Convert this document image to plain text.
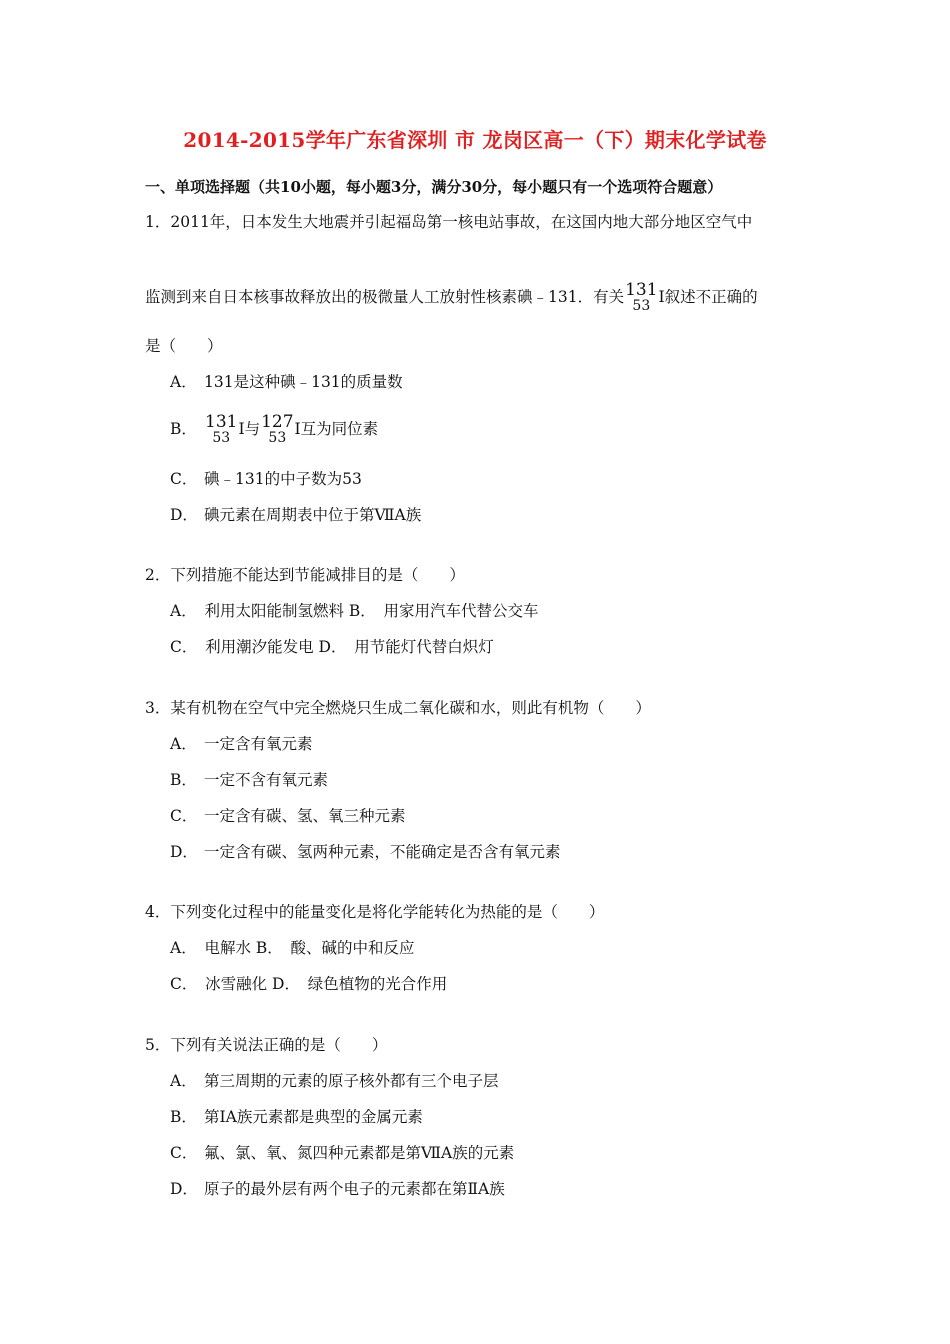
2014-2015学年广东省深圳 市 龙岗区高一（下）期末化学试卷
一、单项选择题（共10小题，每小题3分，满分30分，每小题只有一个选项符合题意）
1．2011年，日本发生大地震并引起福岛第一核电站事故，在这国内地大部分地区空气中
监测到来自日本核事故释放出的极微量人工放射性核素碘﹣131．有关 131
53 I叙述不正确的
是（　　）
A． 131是这种碘﹣131的质量数
B． 131
53 I与 127
53 I互为同位素
C． 碘﹣131的中子数为53
D． 碘元素在周期表中位于第ⅦA族
2．下列措施不能达到节能减排目的是（　　）
A．　利用太阳能制氢燃料 B．　用家用汽车代替公交车
C．　利用潮汐能发电 D．　用节能灯代替白炽灯
3．某有机物在空气中完全燃烧只生成二氧化碳和水，则此有机物（　　）
A． 一定含有氧元素
B． 一定不含有氧元素
C． 一定含有碳、氢、氧三种元素
D． 一定含有碳、氢两种元素，不能确定是否含有氧元素
4．下列变化过程中的能量变化是将化学能转化为热能的是（　　）
A．　电解水 B．　酸、碱的中和反应
C．　冰雪融化 D．　绿色植物的光合作用
5．下列有关说法正确的是（　　）
A． 第三周期的元素的原子核外都有三个电子层
B． 第ⅠA族元素都是典型的金属元素
C． 氟、氯、氧、氮四种元素都是第ⅦA族的元素
D． 原子的最外层有两个电子的元素都在第ⅡA族
